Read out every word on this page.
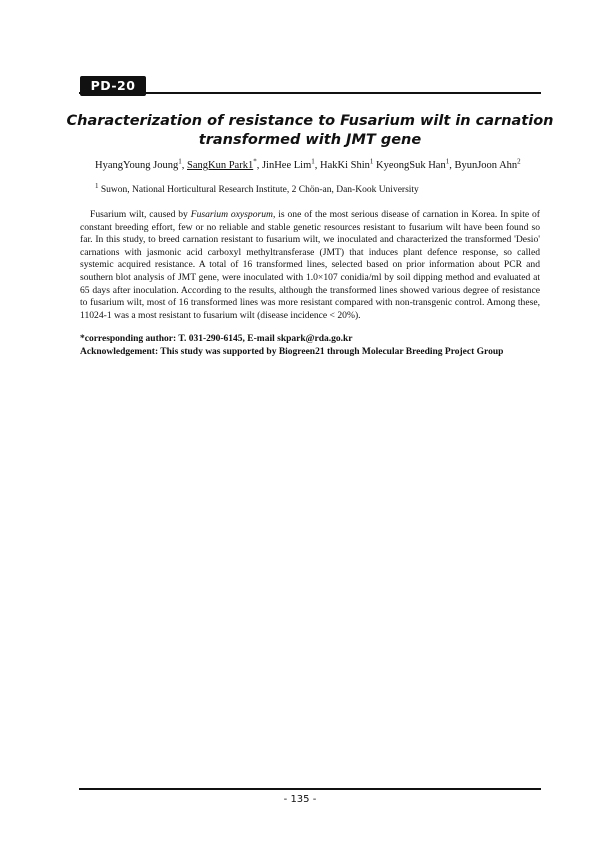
PD-20
Characterization of resistance to Fusarium wilt in carnation
transformed with JMT gene
HyangYoung Joung$^1$, SangKun Park1*, JinHee Lim$^1$, HakKi Shin$^1$ KyeongSuk Han$^1$, ByunJoon Ahn$^2$
$^1$ Suwon, National Horticultural Research Institute, 2 Chön-an, Dan-Kook University
Fusarium wilt, caused by Fusarium oxysporum, is one of the most serious disease of carnation in Korea. In spite of constant breeding effort, few or no reliable and stable genetic resources resistant to fusarium wilt have been found so far. In this study, to breed carnation resistant to fusarium wilt, we inoculated and characterized the transformed 'Desio' carnations with jasmonic acid carboxyl methyltransferase (JMT) that induces plant defence response, so called systemic acquired resistance. A total of 16 transformed lines, selected based on prior information about PCR and southern blot analysis of JMT gene, were inoculated with 1.0×107 conidia/ml by soil dipping method and evaluated at 65 days after inoculation. According to the results, although the transformed lines showed various degree of resistance to fusarium wilt, most of 16 transformed lines was more resistant compared with non-transgenic control. Among these, 11024-1 was a most resistant to fusarium wilt (disease incidence < 20%).
*corresponding author: T. 031-290-6145, E-mail skpark@rda.go.kr
Acknowledgement: This study was supported by Biogreen21 through Molecular Breeding Project Group
- 135 -
